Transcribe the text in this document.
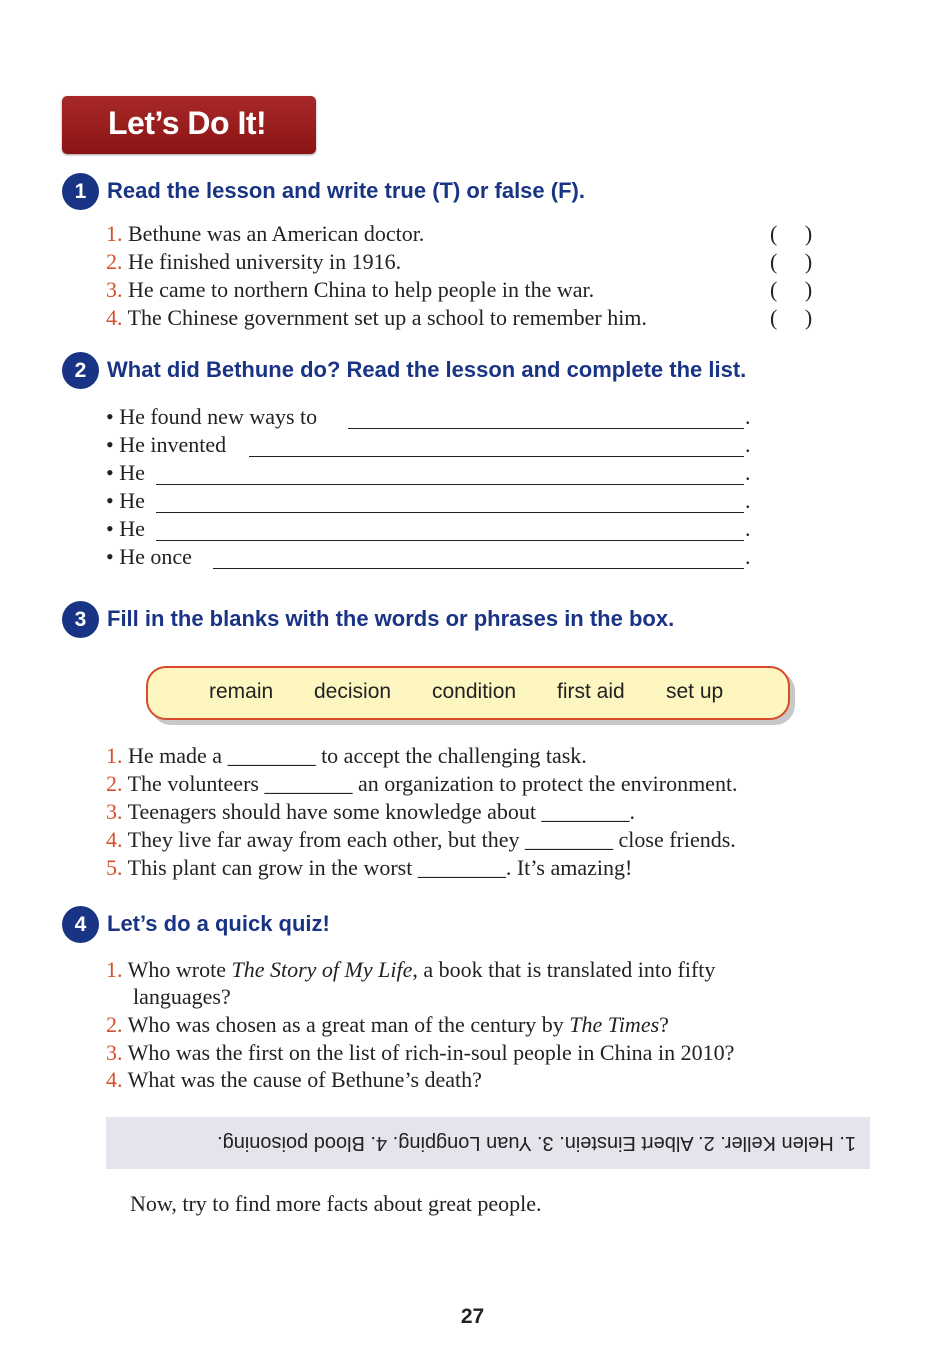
Let’s Do It!
1 Read the lesson and write true (T) or false (F).
1. Bethune was an American doctor.	(     )
2. He finished university in 1916.	(     )
3. He came to northern China to help people in the war.	(     )
4. The Chinese government set up a school to remember him.	(     )
2 What did Bethune do? Read the lesson and complete the list.
• He found new ways to	.
• He invented	.
• He	.
• He	.
• He	.
• He once	.
3 Fill in the blanks with the words or phrases in the box.
remain decision condition first aid set up
1. He made a ________ to accept the challenging task.
2. The volunteers ________ an organization to protect the environment.
3. Teenagers should have some knowledge about ________.
4. They live far away from each other, but they ________ close friends.
5. This plant can grow in the worst ________. It’s amazing!
4 Let’s do a quick quiz!
1. Who wrote The Story of My Life, a book that is translated into fifty
languages?
2. Who was chosen as a great man of the century by The Times?
3. Who was the first on the list of rich-in-soul people in China in 2010?
4. What was the cause of Bethune’s death?
1. Helen Keller. 2. Albert Einstein. 3. Yuan Longping. 4. Blood poisoning.
Now, try to find more facts about great people.
27
